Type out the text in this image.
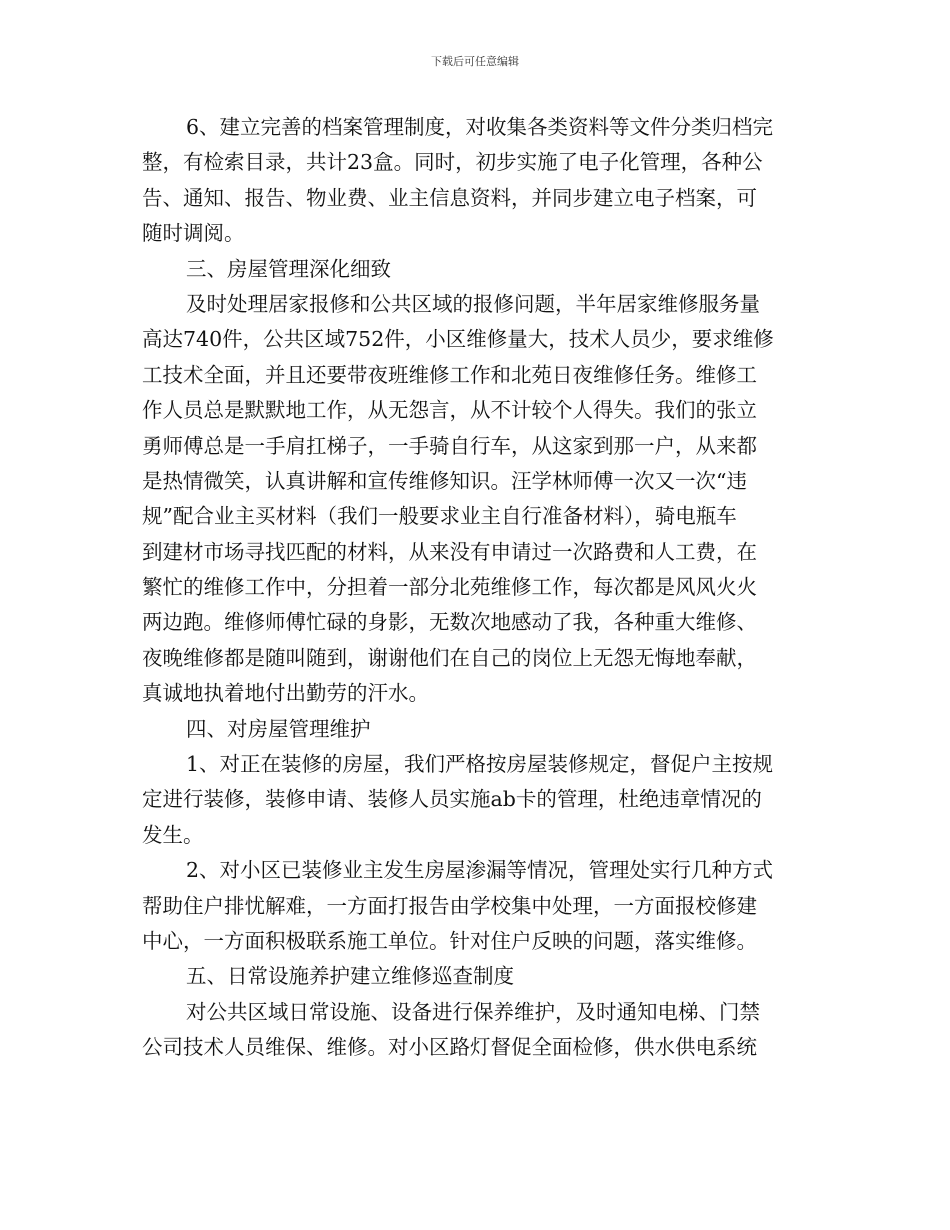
下载后可任意编辑
6、建立完善的档案管理制度，对收集各类资料等文件分类归档完
整，有检索目录，共计23盒。同时，初步实施了电子化管理，各种公
告、通知、报告、物业费、业主信息资料，并同步建立电子档案，可
随时调阅。
三、房屋管理深化细致
及时处理居家报修和公共区域的报修问题，半年居家维修服务量
高达740件，公共区域752件，小区维修量大，技术人员少，要求维修
工技术全面，并且还要带夜班维修工作和北苑日夜维修任务。维修工
作人员总是默默地工作，从无怨言，从不计较个人得失。我们的张立
勇师傅总是一手肩扛梯子，一手骑自行车，从这家到那一户，从来都
是热情微笑，认真讲解和宣传维修知识。汪学林师傅一次又一次“违
规”配合业主买材料（我们一般要求业主自行准备材料），骑电瓶车
到建材市场寻找匹配的材料，从来没有申请过一次路费和人工费，在
繁忙的维修工作中，分担着一部分北苑维修工作，每次都是风风火火
两边跑。维修师傅忙碌的身影，无数次地感动了我，各种重大维修、
夜晚维修都是随叫随到，谢谢他们在自己的岗位上无怨无悔地奉献，
真诚地执着地付出勤劳的汗水。
四、对房屋管理维护
1、对正在装修的房屋，我们严格按房屋装修规定，督促户主按规
定进行装修，装修申请、装修人员实施ab卡的管理，杜绝违章情况的
发生。
2、对小区已装修业主发生房屋渗漏等情况，管理处实行几种方式
帮助住户排忧解难，一方面打报告由学校集中处理，一方面报校修建
中心，一方面积极联系施工单位。针对住户反映的问题，落实维修。
五、日常设施养护建立维修巡查制度
对公共区域日常设施、设备进行保养维护，及时通知电梯、门禁
公司技术人员维保、维修。对小区路灯督促全面检修，供水供电系统
